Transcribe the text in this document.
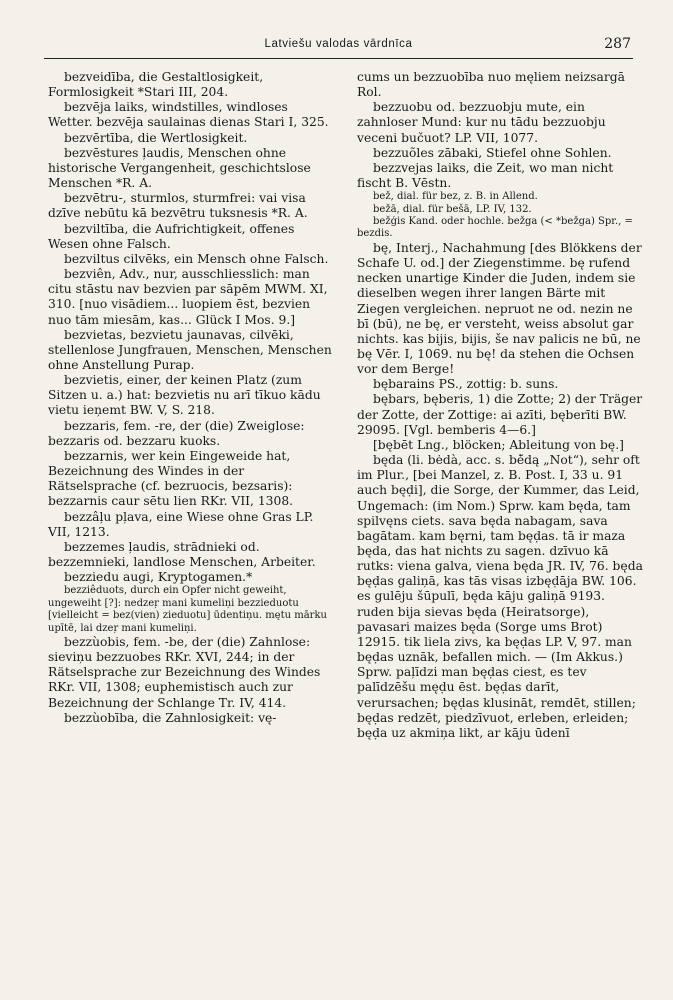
Latviešu valodas vārdnīca	287

bezveidība, die Gestaltlosigkeit, Formlosigkeit *Stari III, 204.

bezvēja laiks, windstilles, windloses Wetter. bezvēja saulainas dienas Stari I, 325.

bezvērtība, die Wertlosigkeit.

bezvēstures ļaudis, Menschen ohne historische Vergangenheit, geschichtslose Menschen *R. A.

bezvētru-, sturmlos, sturmfrei: vai visa dzīve nebūtu kā bezvētru tuksnesis *R. A.

bezviltība, die Aufrichtigkeit, offenes Wesen ohne Falsch.

bezviltus cilvēks, ein Mensch ohne Falsch.

bezviên, Adv., nur, ausschliesslich: man citu stāstu nav bezvien par sāpēm MWM. XI, 310. [nuo visādiem... luopiem ēst, bezvien nuo tām miesām, kas... Glück I Mos. 9.]

bezvietas, bezvietu jaunavas, cilvēki, stellenlose Jungfrauen, Menschen, Menschen ohne Anstellung Purap.

bezvietis, einer, der keinen Platz (zum Sitzen u. a.) hat: bezvietis nu arī tīkuo kādu vietu ieņemt BW. V, S. 218.

bezzaris, fem. -re, der (die) Zweiglose: bezzaris od. bezzaru kuoks.

bezzarnis, wer kein Eingeweide hat, Bezeichnung des Windes in der Rätselsprache (cf. bezruocis, bezsaris): bezzarnis caur sētu lien RKr. VII, 1308.

bezzâļu pļava, eine Wiese ohne Gras LP. VII, 1213.

bezzemes ļaudis, strādnieki od. bezzemnieki, landlose Menschen, Arbeiter.

bezziedu augi, Kryptogamen.*

bezziêduots, durch ein Opfer nicht geweiht, ungeweiht [?]: nedzeŗ mani kumeliņi bezzieduotu [vielleicht = bez(vien) zieduotu] ūdentiņu. mętu mārku upītē, lai dzeŗ mani kumeliņi.

bezzùobis, fem. -be, der (die) Zahnlose: sieviņu bezzuobes RKr. XVI, 244; in der Rätselsprache zur Bezeichnung des Windes RKr. VII, 1308; euphemistisch auch zur Bezeichnung der Schlange Tr. IV, 414.

bezzùobība, die Zahnlosigkeit: vę-

cums un bezzuobība nuo męliem neizsargā Rol.

bezzuobu od. bezzuobju mute, ein zahnloser Mund: kur nu tādu bezzuobju veceni bučuot? LP. VII, 1077.

bezzuõles zābaki, Stiefel ohne Sohlen.

bezzvejas laiks, die Zeit, wo man nicht fischt B. Vēstn.

bež, dial. für bez, z. B. in Allend.

bežā, dial. für bešā, LP. IV, 132.

bežģis Kand. oder hochle. bežga (< *bežga) Spr., = bezdis.

bę, Interj., Nachahmung [des Blökkens der Schafe U. od.] der Ziegenstimme. bę rufend necken unartige Kinder die Juden, indem sie dieselben wegen ihrer langen Bärte mit Ziegen vergleichen. nepruot ne od. nezin ne bī (bū), ne bę, er versteht, weiss absolut gar nichts. kas bijis, bijis, še nav palicis ne bū, ne bę Vēr. I, 1069. nu bę! da stehen die Ochsen vor dem Berge!

bębarains PS., zottig: b. suns.

bębars, bęberis, 1) die Zotte; 2) der Träger der Zotte, der Zottige: ai azīti, bęberīti BW. 29095. [Vgl. bemberis 4—6.]

[bębēt Lng., blöcken; Ableitung von bę.]

będa (li. bėdà, acc. s. bė̃dą „Not“), sehr oft im Plur., [bei Manzel, z. B. Post. I, 33 u. 91 auch bęḍi], die Sorge, der Kummer, das Leid, Ungemach: (im Nom.) Sprw. kam będa, tam spilvęns ciets. sava będa nabagam, sava bagātam. kam bęrni, tam bęḍas. tā ir maza będa, das hat nichts zu sagen. dzīvuo kā rutks: viena galva, viena będa JR. IV, 76. będa bęḍas galiņā, kas tās visas izbęḍāja BW. 106. es gulēju šūpulī, będa kāju galiņā 9193. ruden bija sievas będa (Heiratsorge), pavasari maizes będa (Sorge ums Brot) 12915. tik liela zivs, ka bęḍas LP. V, 97. man bęḍas uznāk, befallen mich. — (Im Akkus.) Sprw. paļīdzi man bęḍas ciest, es tev palīdzēšu męḍu ēst. bęḍas darīt, verursachen; bęḍas klusināt, remdēt, stillen; bęḍas redzēt, piedzīvuot, erleben, erleiden; bęḍa uz akmiņa likt, ar kāju ūdenī
